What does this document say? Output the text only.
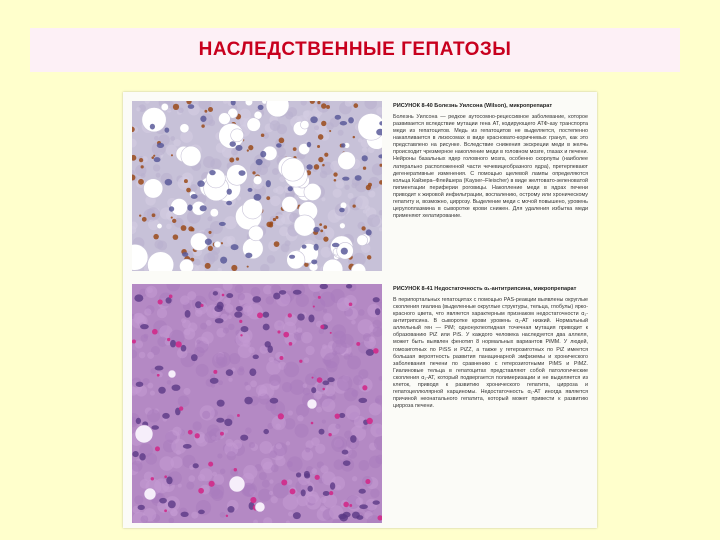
НАСЛЕДСТВЕННЫЕ ГЕПАТОЗЫ
РИСУНОК 8-40 Болезнь Уилсона (Wilson), микропрепарат

Болезнь Уилсона — редкое аутосомно-рецессивное заболевание, которое развивается вследствие мутации гена АТ, кодирующего АТФ-азу транспорта меди из гепатоцитов. Медь из гепатоцитов не выделяется, постепенно накапливается в лизосомах в виде красновато-коричневых гранул, как это представлено на рисунке. Вследствие снижения экскреции меди в желчь происходит чрезмерное накопление меди в головном мозге, глазах и печени. Нейроны базальных ядер головного мозга, особенно скорлупы (наиболее латерально расположенной части чечевицеобразного ядра), претерпевают дегенеративные изменения. С помощью щелевой лампы определяются кольца Кайзера–Флейшера (Kayser–Fleischer) в виде желтовато-зеленоватой пигментации периферии роговицы. Накопление меди в ядрах печени приводит к жировой инфильтрации, воспалению, острому или хроническому гепатиту и, возможно, циррозу. Выделение меди с мочой повышено, уровень церулоплазмина в сыворотке крови снижен. Для удаления избытка меди применяют хелатирование.

РИСУНОК 8-41 Недостаточность α₁-антитрипсина, микропрепарат

В перипортальных гепатоцитах с помощью PAS-реакции выявлены округлые скопления гиалина (выделенные округлые структуры, тельца, глобулы) ярко-красного цвета, что является характерным признаком недостаточности α₁-антитрипсина. В сыворотке крови уровень α₁-АТ низкий. Нормальный аллельный ген — PiM; однонуклеотидная точечная мутация приводит к образованию PiZ или PiS. У каждого человека наследуется два аллеля, может быть выявлен фенотип 8 нормальных вариантов PiMM. У людей, гомозиготных по PiSS и PiZZ, а также у гетерозиготных по PiZ имеется большая вероятность развития панацинарной эмфиземы и хронического заболевания печени по сравнению с гетерозиготными PiMS и PiMZ. Гиалиновые тельца в гепатоцитах представляют собой патологические скопления α₁-АТ, который подвергается полимеризации и не выделяется из клеток, приводя к развитию хронического гепатита, цирроза и гепатоцеллюлярной карциномы. Недостаточность α₁-АТ иногда является причиной неонатального гепатита, который может привести к развитию цирроза печени.
